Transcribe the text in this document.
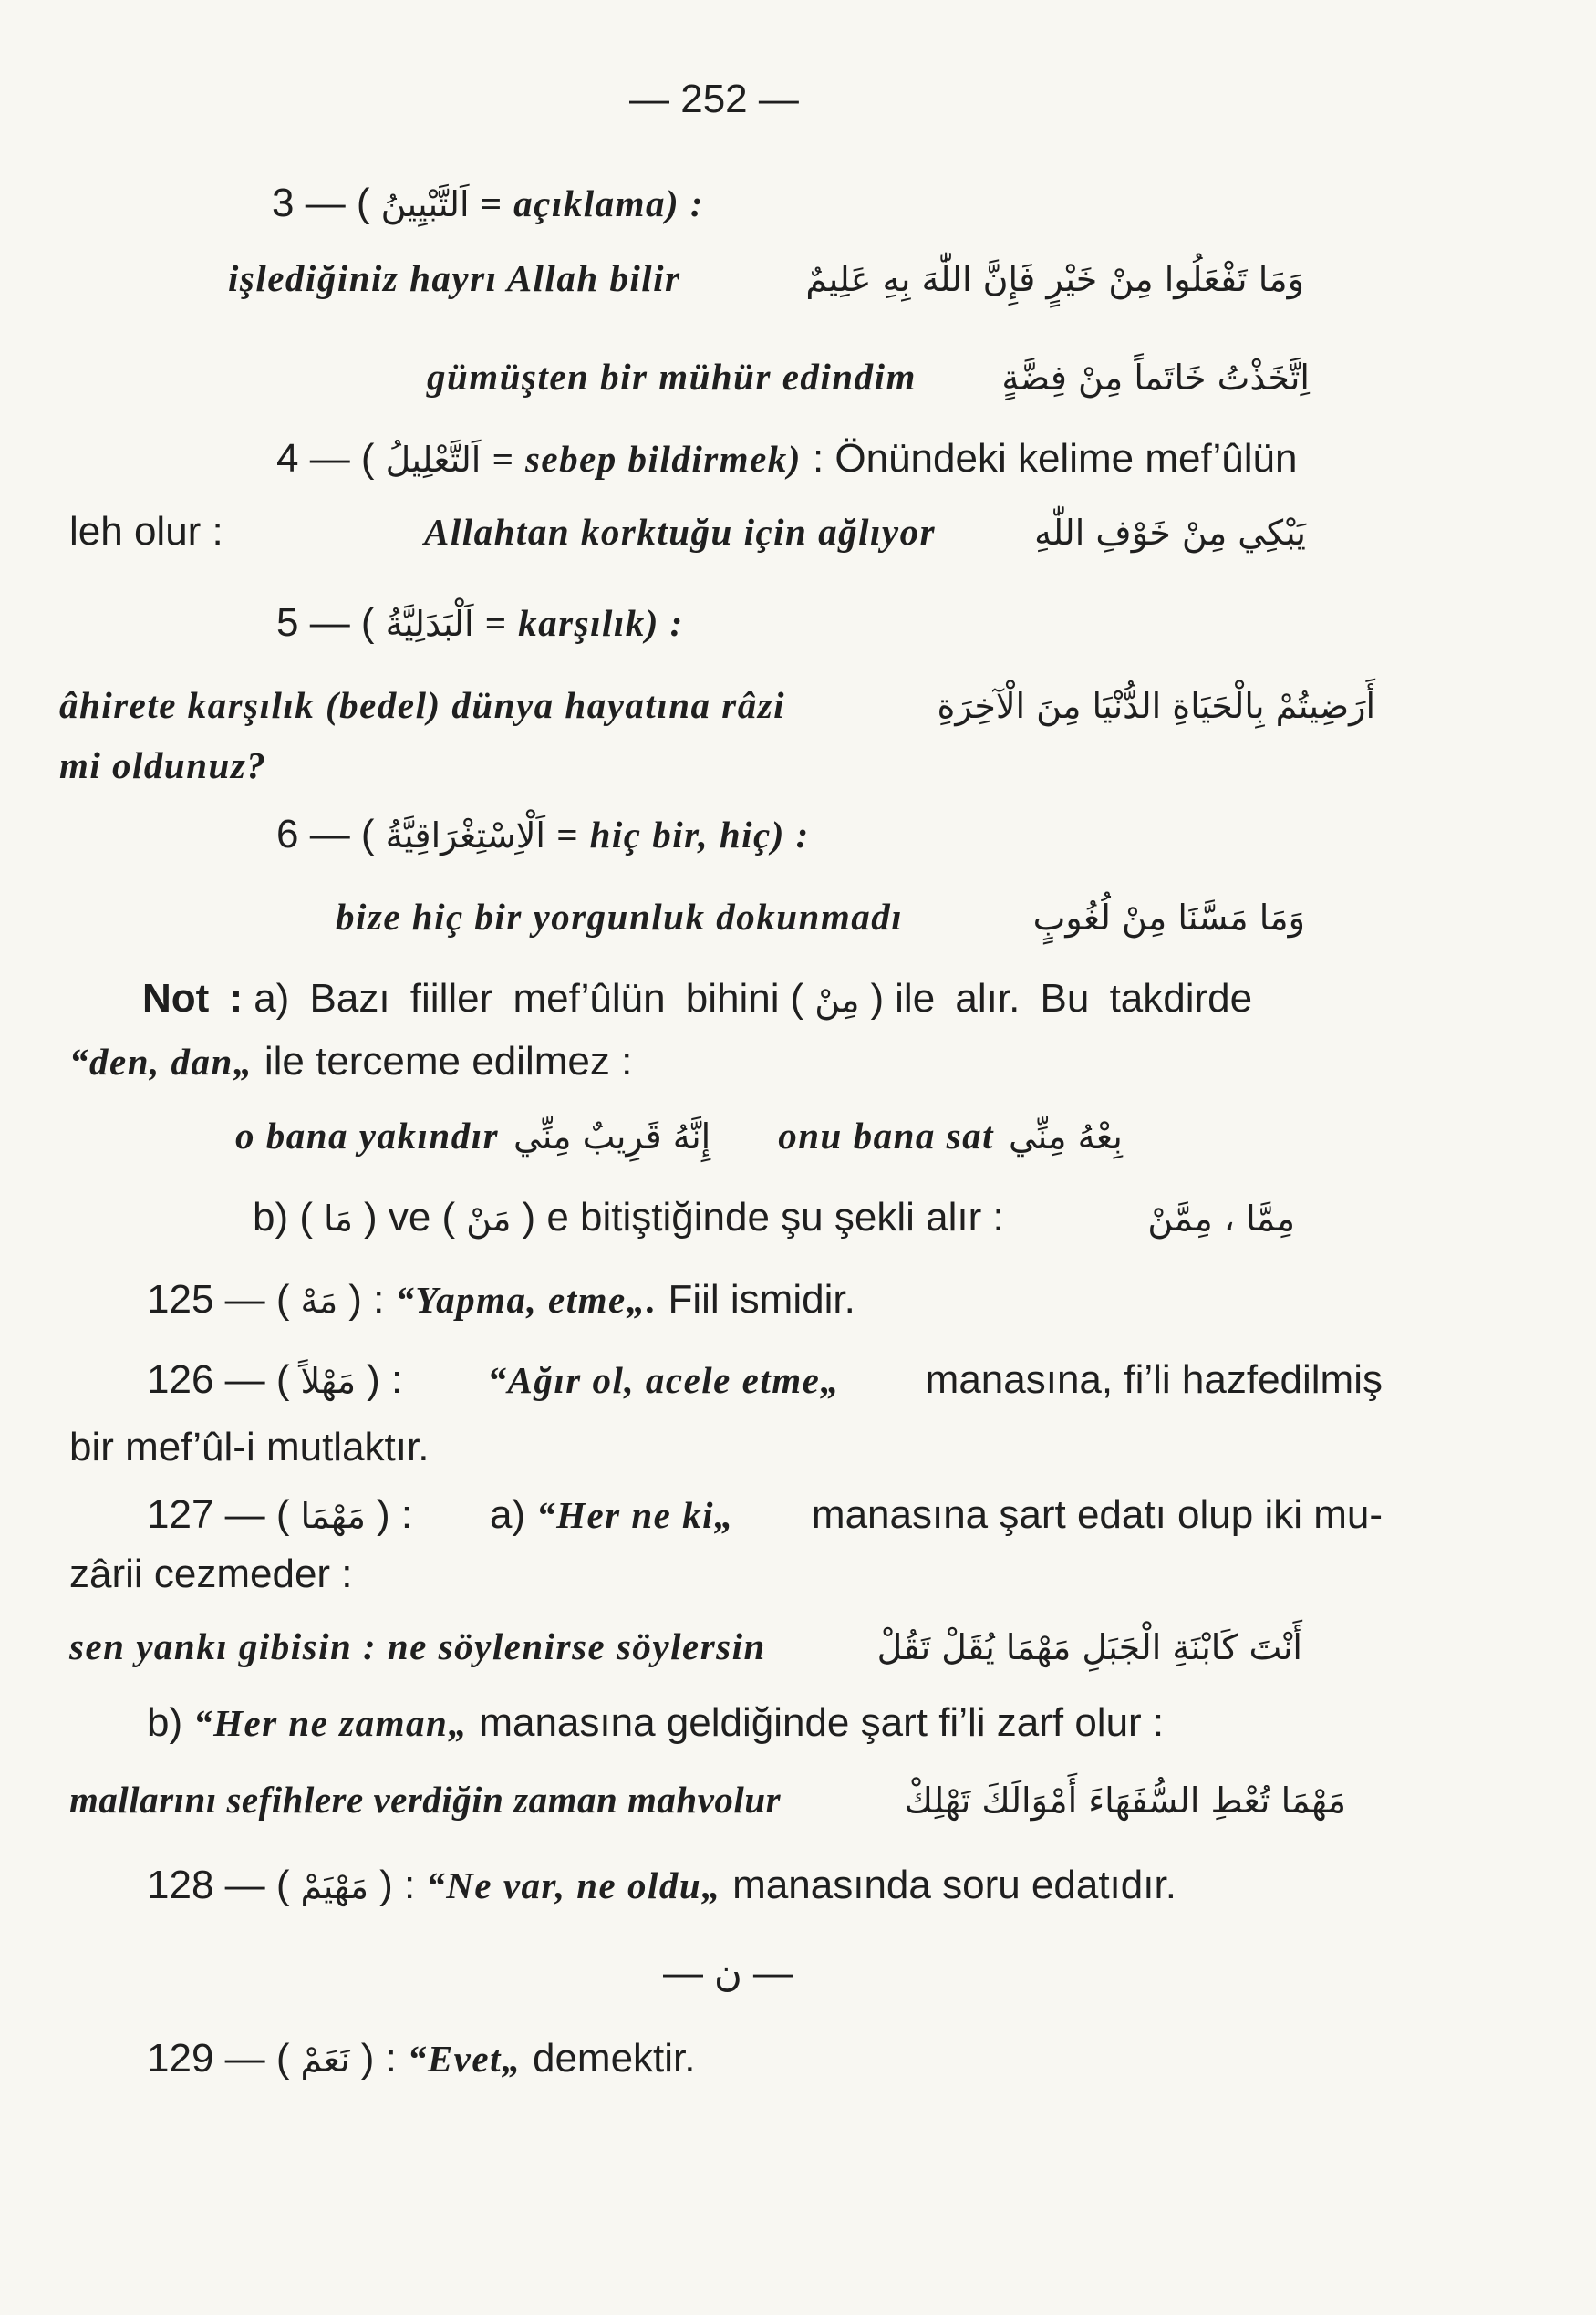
— 252 —
3 — ( اَلتَّبْيِينُ = açıklama) :
işlediğiniz hayrı Allah bilir	وَمَا تَفْعَلُوا مِنْ خَيْرٍ فَإِنَّ اللّٰهَ بِهِ عَلِيمٌ
gümüşten bir mühür edindim اِتَّخَذْتُ خَاتَماً مِنْ فِضَّةٍ
4 — ( اَلتَّعْلِيلُ = sebep bildirmek) : Önündeki kelime mef’ûlün
leh olur :	Allahtan korktuğu için ağlıyor	يَبْكِي مِنْ خَوْفِ اللّٰهِ
5 — ( اَلْبَدَلِيَّةُ = karşılık) :
âhirete karşılık (bedel) dünya hayatına râzi	أَرَضِيتُمْ بِالْحَيَاةِ الدُّنْيَا مِنَ الْآخِرَةِ
mi oldunuz?
6 — ( اَلْاِسْتِغْرَاقِيَّةُ = hiç bir, hiç) :
bize hiç bir yorgunluk dokunmadı	وَمَا مَسَّنَا مِنْ لُغُوبٍ
Not : a) Bazı fiiller mef’ûlün bihini ( مِنْ ) ile alır. Bu takdirde
“den, dan„ ile terceme edilmez :
o bana yakındır إِنَّهُ قَرِيبٌ مِنِّي onu bana sat بِعْهُ مِنِّي
b) ( مَا ) ve ( مَنْ ) e bitiştiğinde şu şekli alır :	مِمَّا ، مِمَّنْ
125 — ( مَهْ ) : “Yapma, etme„. Fiil ismidir.
126 — ( مَهْلاً ) : “Ağır ol, acele etme„ manasına, fi’li hazfedilmiş
bir mef’ûl-i mutlaktır.
127 — ( مَهْمَا ) : a) “Her ne ki„ manasına şart edatı olup iki mu-
zârii cezmeder :
sen yankı gibisin : ne söylenirse söylersin	أَنْتَ كَابْنَةِ الْجَبَلِ مَهْمَا يُقَلْ تَقُلْ
b) “Her ne zaman„ manasına geldiğinde şart fi’li zarf olur :
mallarını sefihlere verdiğin zaman mahvolur	مَهْمَا تُعْطِ السُّفَهَاءَ أَمْوَالَكَ تَهْلِكْ
128 — ( مَهْيَمْ ) : “Ne var, ne oldu„ manasında soru edatıdır.
— ن —
129 — ( نَعَمْ ) : “Evet„ demektir.
